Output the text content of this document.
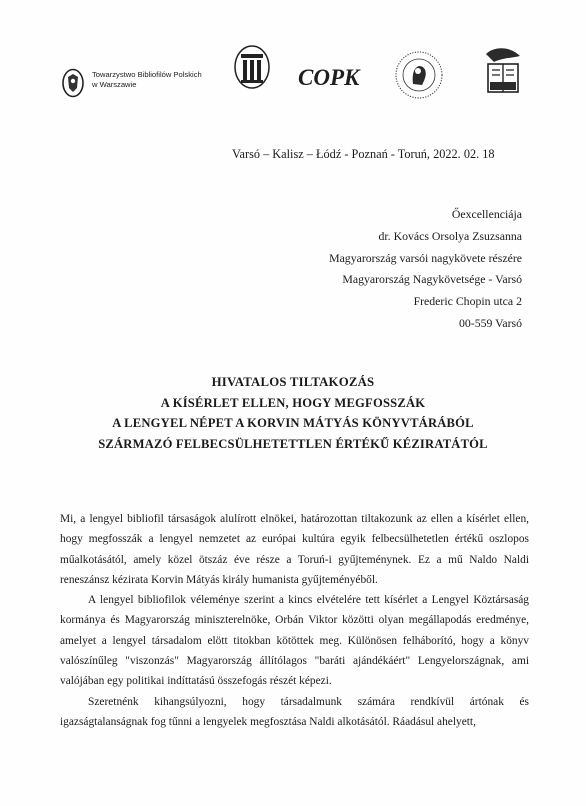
Towarzystwo Bibliofilów Polskich
w Warszawie	COPK
Varsó – Kalisz – Łódź - Poznań - Toruń, 2022. 02. 18
Őexcellenciája
dr. Kovács Orsolya Zsuzsanna
Magyarország varsói nagykövete részére
Magyarország Nagykövetsége - Varsó
Frederic Chopin utca 2
00-559 Varsó
HIVATALOS TILTAKOZÁS
A KÍSÉRLET ELLEN, HOGY MEGFOSSZÁK
A LENGYEL NÉPET A KORVIN MÁTYÁS KÖNYVTÁRÁBÓL
SZÁRMAZÓ FELBECSÜLHETETTLEN ÉRTÉKŰ KÉZIRATÁTÓL

Mi, a lengyel bibliofil társaságok alulírott elnökei, határozottan tiltakozunk az ellen a kísérlet ellen, hogy megfosszák a lengyel nemzetet az európai kultúra egyik felbecsülhetetlen értékű oszlopos műalkotásától, amely közel ötszáz éve része a Toruń-i gyűjteménynek. Ez a mű Naldo Naldi reneszánsz kézirata Korvin Mátyás király humanista gyűjteményéből.

A lengyel bibliofilok véleménye szerint a kincs elvételére tett kísérlet a Lengyel Köztársaság kormánya és Magyarország miniszterelnöke, Orbán Viktor közötti olyan megállapodás eredménye, amelyet a lengyel társadalom elött titokban kötöttek meg. Különösen felháborító, hogy a könyv valószínűleg "viszonzás" Magyarország állítólagos "baráti ajándékáért" Lengyelországnak, ami valójában egy politikai indíttatású összefogás részét képezi.

Szeretnénk kihangsúlyozni, hogy társadalmunk számára rendkívül ártónak és igazságtalanságnak fog tűnni a lengyelek megfosztása Naldi alkotásától. Ráadásul ahelyett,
